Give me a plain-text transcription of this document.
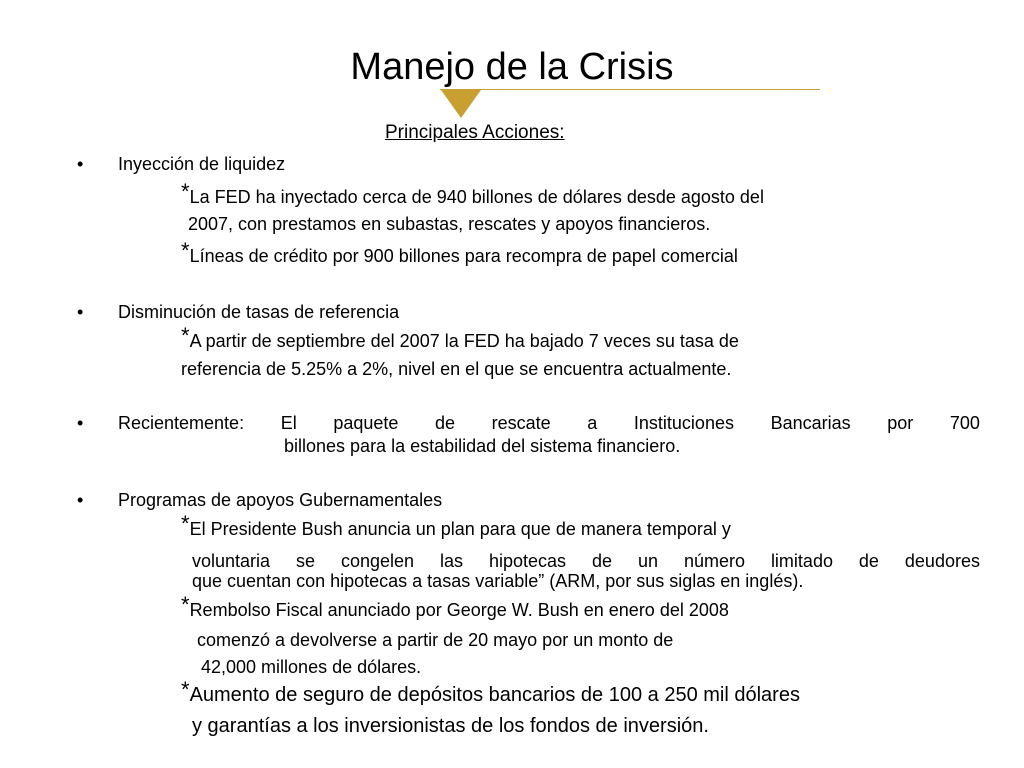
Manejo de la Crisis
Principales Acciones:
• Inyección de liquidez
*La FED ha inyectado cerca de 940 billones de dólares desde agosto del
2007, con prestamos en subastas, rescates y apoyos financieros.
*Líneas de crédito por 900 billones para recompra de papel comercial
• Disminución de tasas de referencia
*A partir de septiembre del 2007 la FED ha bajado 7 veces su tasa de
referencia de 5.25% a 2%, nivel en el que se encuentra actualmente.
• Recientemente: El paquete de rescate a Instituciones Bancarias por 700
billones para la estabilidad del sistema financiero.
• Programas de apoyos Gubernamentales
*El Presidente Bush anuncia un plan para que de manera temporal y
voluntaria se congelen las hipotecas de un número limitado de deudores
que cuentan con hipotecas a tasas variable” (ARM, por sus siglas en inglés).
*Rembolso Fiscal anunciado por George W. Bush en enero del 2008
comenzó a devolverse a partir de 20 mayo por un monto de
42,000 millones de dólares.
*Aumento de seguro de depósitos bancarios de 100 a 250 mil dólares
y garantías a los inversionistas de los fondos de inversión.
